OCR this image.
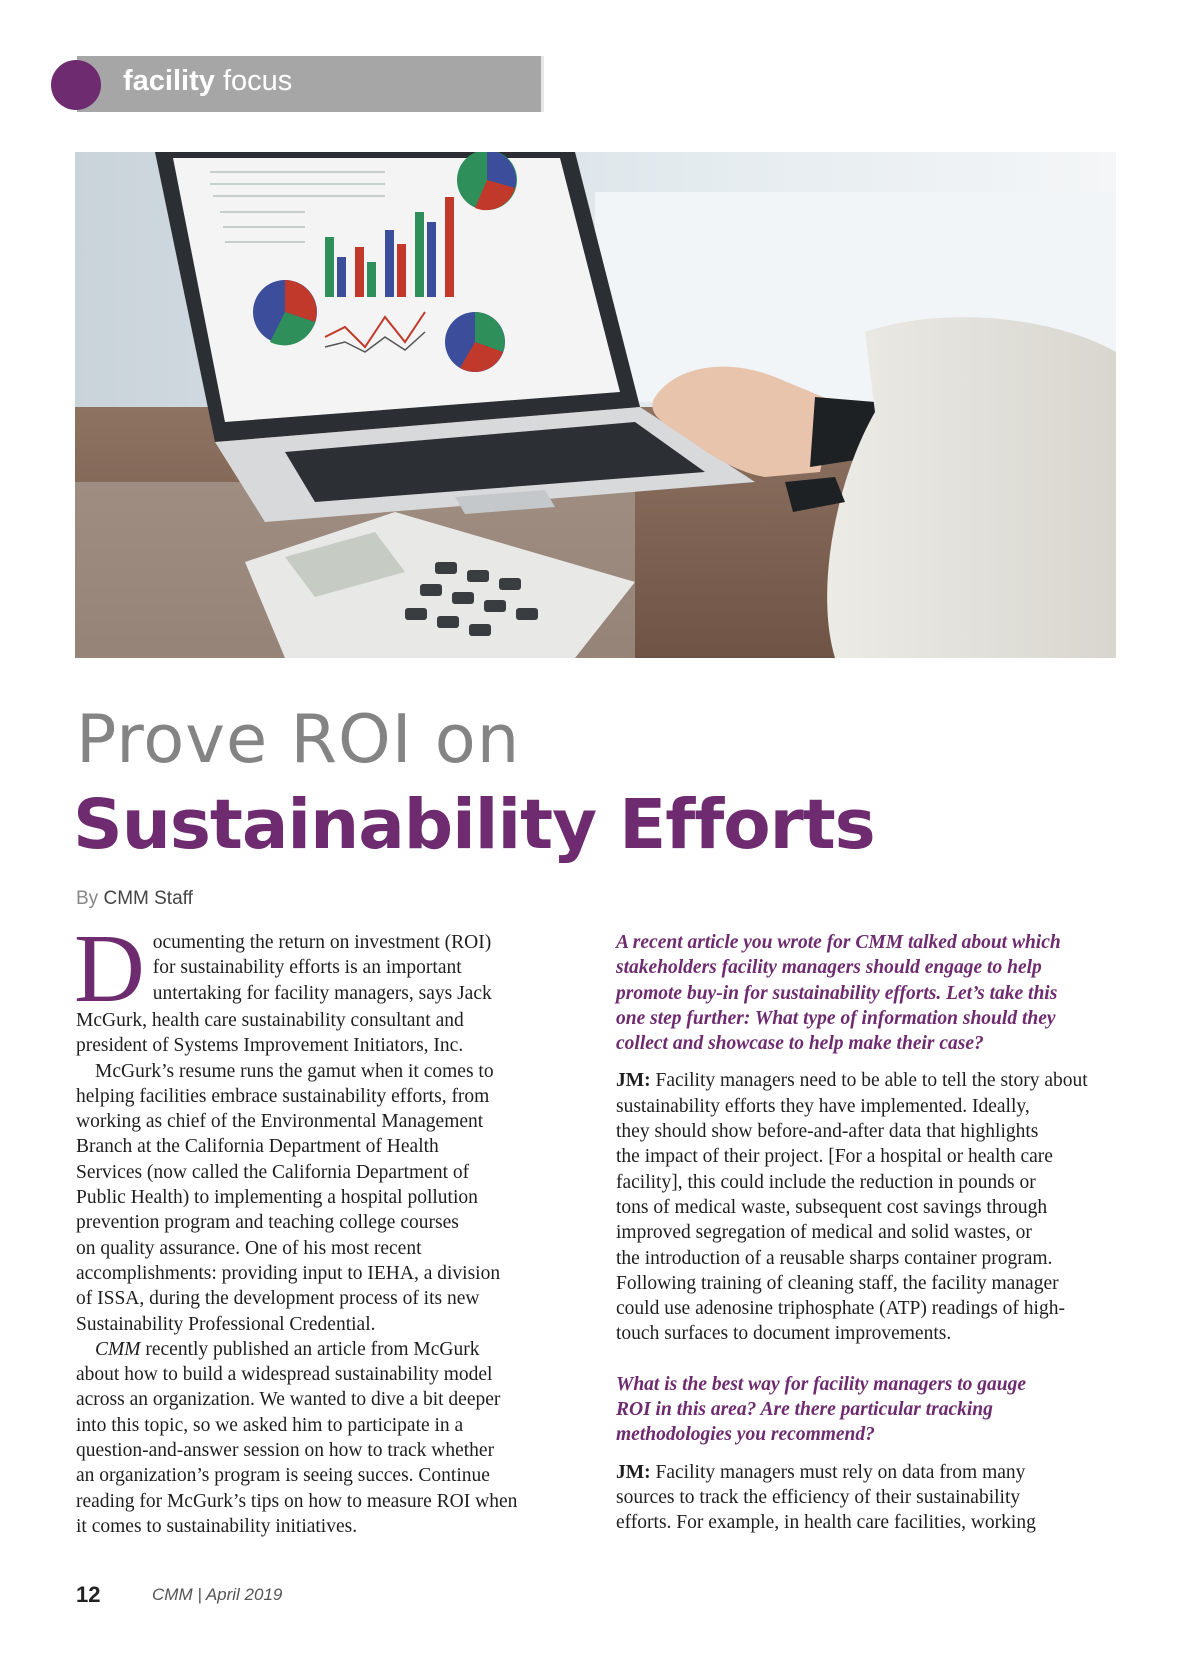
facility focus
Prove ROI on
Sustainability Efforts
By CMM Staff

D ocumenting the return on investment (ROI)
for sustainability efforts is an important
untertaking for facility managers, says Jack
McGurk, health care sustainability consultant and
president of Systems Improvement Initiators, Inc.

McGurk’s resume runs the gamut when it comes to
helping facilities embrace sustainability efforts, from
working as chief of the Environmental Management
Branch at the California Department of Health
Services (now called the California Department of
Public Health) to implementing a hospital pollution
prevention program and teaching college courses
on quality assurance. One of his most recent
accomplishments: providing input to IEHA, a division
of ISSA, during the development process of its new
Sustainability Professional Credential.

CMM recently published an article from McGurk
about how to build a widespread sustainability model
across an organization. We wanted to dive a bit deeper
into this topic, so we asked him to participate in a
question-and-answer session on how to track whether
an organization’s program is seeing succes. Continue
reading for McGurk’s tips on how to measure ROI when
it comes to sustainability initiatives.

A recent article you wrote for CMM talked about which
stakeholders facility managers should engage to help
promote buy-in for sustainability efforts. Let’s take this
one step further: What type of information should they
collect and showcase to help make their case?

JM: Facility managers need to be able to tell the story about
sustainability efforts they have implemented. Ideally,
they should show before-and-after data that highlights
the impact of their project. [For a hospital or health care
facility], this could include the reduction in pounds or
tons of medical waste, subsequent cost savings through
improved segregation of medical and solid wastes, or
the introduction of a reusable sharps container program.
Following training of cleaning staff, the facility manager
could use adenosine triphosphate (ATP) readings of high-
touch surfaces to document improvements.

What is the best way for facility managers to gauge
ROI in this area? Are there particular tracking
methodologies you recommend?

JM: Facility managers must rely on data from many
sources to track the efficiency of their sustainability
efforts. For example, in health care facilities, working

12	CMM | April 2019
